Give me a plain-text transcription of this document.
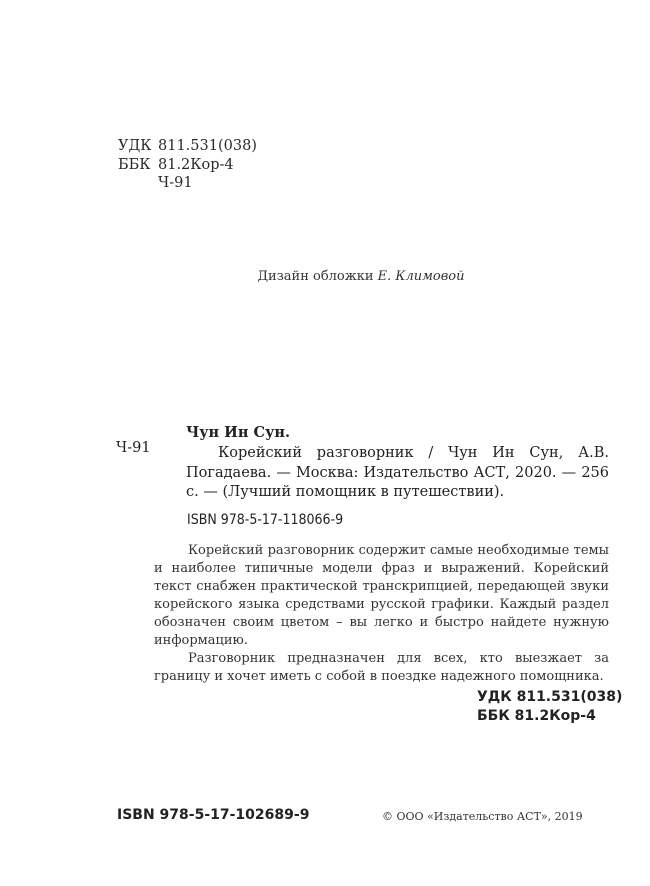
УДК 811.531(038)
ББК 81.2Кор-4
Ч-91
Дизайн обложки Е. Климовой
Чун Ин Сун.
Ч-91	Корейский разговорник / Чун Ин Сун, А.В. Погадаева. — Москва: Издательство АСТ, 2020. — 256 с. — (Лучший помощник в путешествии).
ISBN 978-5-17-118066-9

Корейский разговорник содержит самые необходимые темы и наиболее типичные модели фраз и выражений. Корейский текст снабжен практической транскрипцией, передающей звуки корейского языка средствами русской графики. Каждый раздел обозначен своим цветом – вы легко и быстро найдете нужную информацию.

Разговорник предназначен для всех, кто выезжает за границу и хочет иметь с собой в поездке надежного помощника.

УДК 811.531(038)
ББК 81.2Кор-4
ISBN 978-5-17-102689-9	© ООО «Издательство АСТ», 2019
